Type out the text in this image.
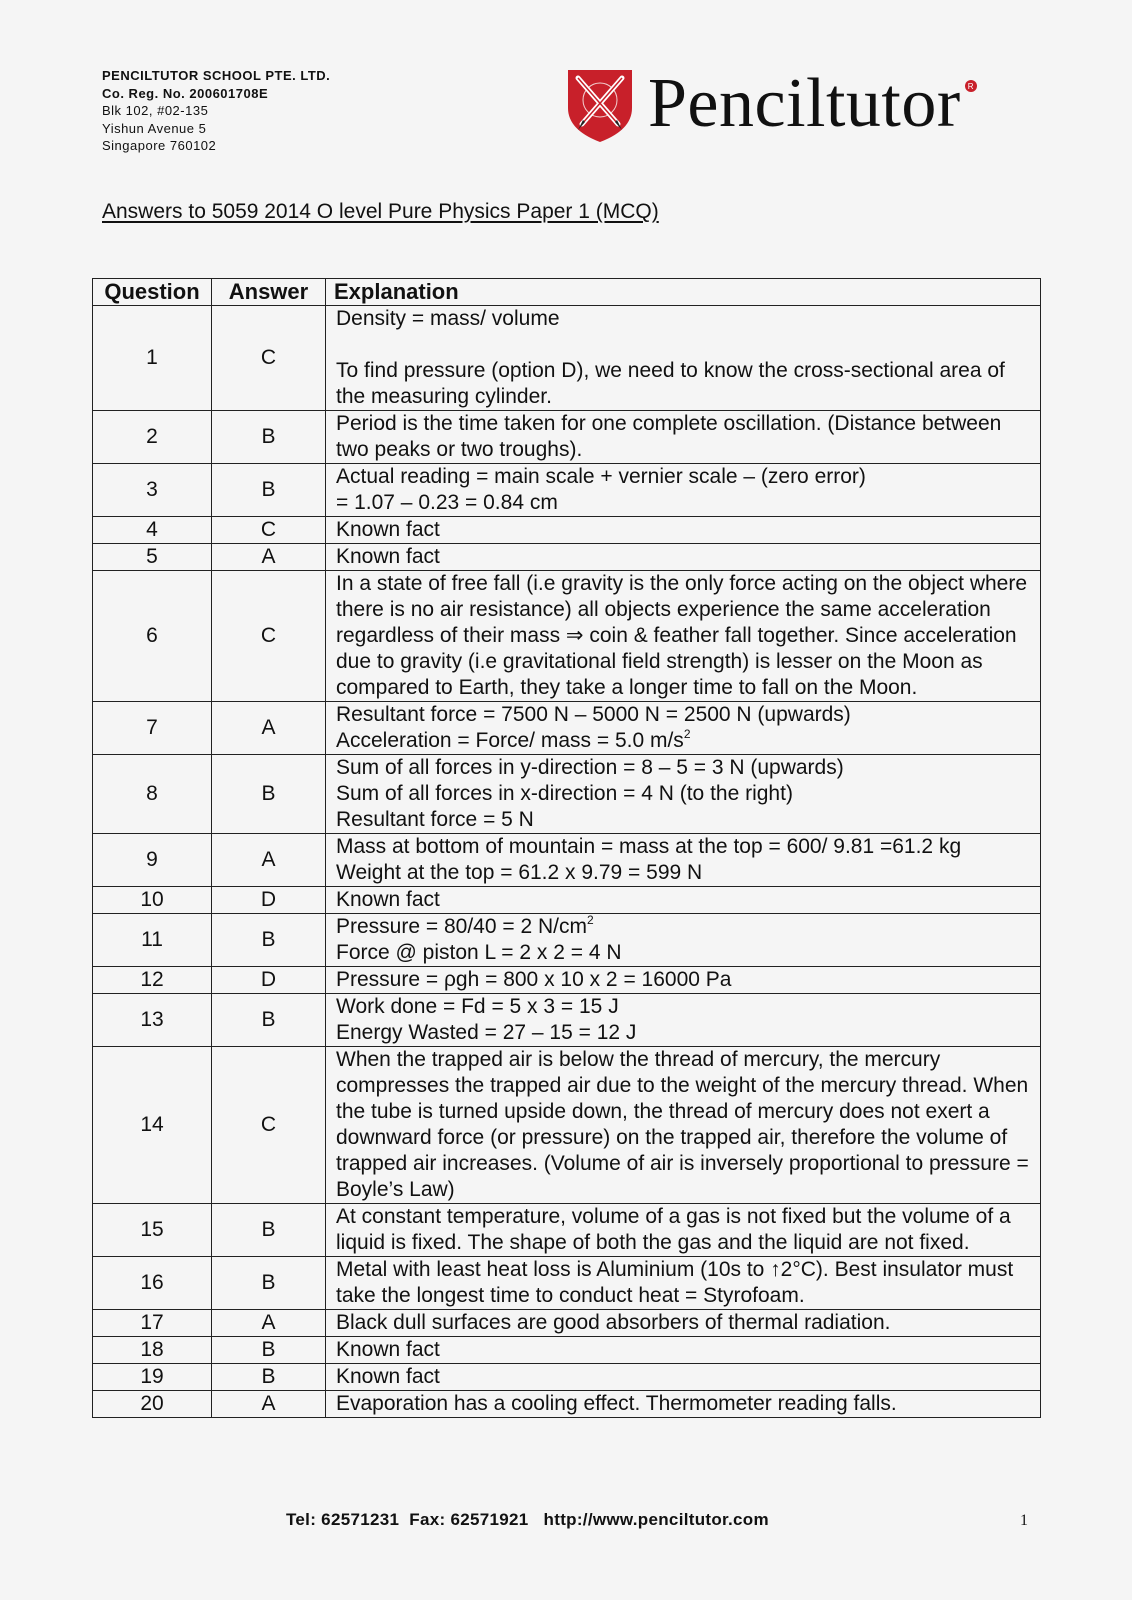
PENCILTUTOR SCHOOL PTE. LTD.
Co. Reg. No. 200601708E
Blk 102, #02-135
Yishun Avenue 5
Singapore 760102
Penciltutor R
Answers to 5059 2014 O level Pure Physics Paper 1 (MCQ)
Question	Answer	Explanation
1	C	Density = mass/ volume

To find pressure (option D), we need to know the cross-sectional area of the measuring cylinder.
2	B	Period is the time taken for one complete oscillation. (Distance between two peaks or two troughs).
3	B	Actual reading = main scale + vernier scale – (zero error)
= 1.07 – 0.23 = 0.84 cm
4	C	Known fact
5	A	Known fact
6	C	In a state of free fall (i.e gravity is the only force acting on the object where there is no air resistance) all objects experience the same acceleration regardless of their mass ⇒ coin & feather fall together. Since acceleration due to gravity (i.e gravitational field strength) is lesser on the Moon as compared to Earth, they take a longer time to fall on the Moon.
7	A	Resultant force = 7500 N – 5000 N = 2500 N (upwards)
Acceleration = Force/ mass = 5.0 $m/s^2$
8	B	Sum of all forces in y-direction = 8 – 5 = 3 N (upwards)
Sum of all forces in x-direction = 4 N (to the right)
Resultant force = 5 N
9	A	Mass at bottom of mountain = mass at the top = 600/ 9.81 =61.2 kg
Weight at the top = 61.2 x 9.79 = 599 N
10	D	Known fact
11	B	Pressure = 80/40 = 2 $N/cm^2$
Force @ piston L = 2 x 2 = 4 N
12	D	Pressure = ρgh = 800 x 10 x 2 = 16000 Pa
13	B	Work done = Fd = 5 x 3 = 15 J
Energy Wasted = 27 – 15 = 12 J
14	C	When the trapped air is below the thread of mercury, the mercury compresses the trapped air due to the weight of the mercury thread. When the tube is turned upside down, the thread of mercury does not exert a downward force (or pressure) on the trapped air, therefore the volume of trapped air increases. (Volume of air is inversely proportional to pressure = Boyle’s Law)
15	B	At constant temperature, volume of a gas is not fixed but the volume of a liquid is fixed. The shape of both the gas and the liquid are not fixed.
16	B	Metal with least heat loss is Aluminium (10s to ↑2°C). Best insulator must take the longest time to conduct heat = Styrofoam.
17	A	Black dull surfaces are good absorbers of thermal radiation.
18	B	Known fact
19	B	Known fact
20	A	Evaporation has a cooling effect. Thermometer reading falls.
Tel: 62571231  Fax: 62571921   http://www.penciltutor.com	1
